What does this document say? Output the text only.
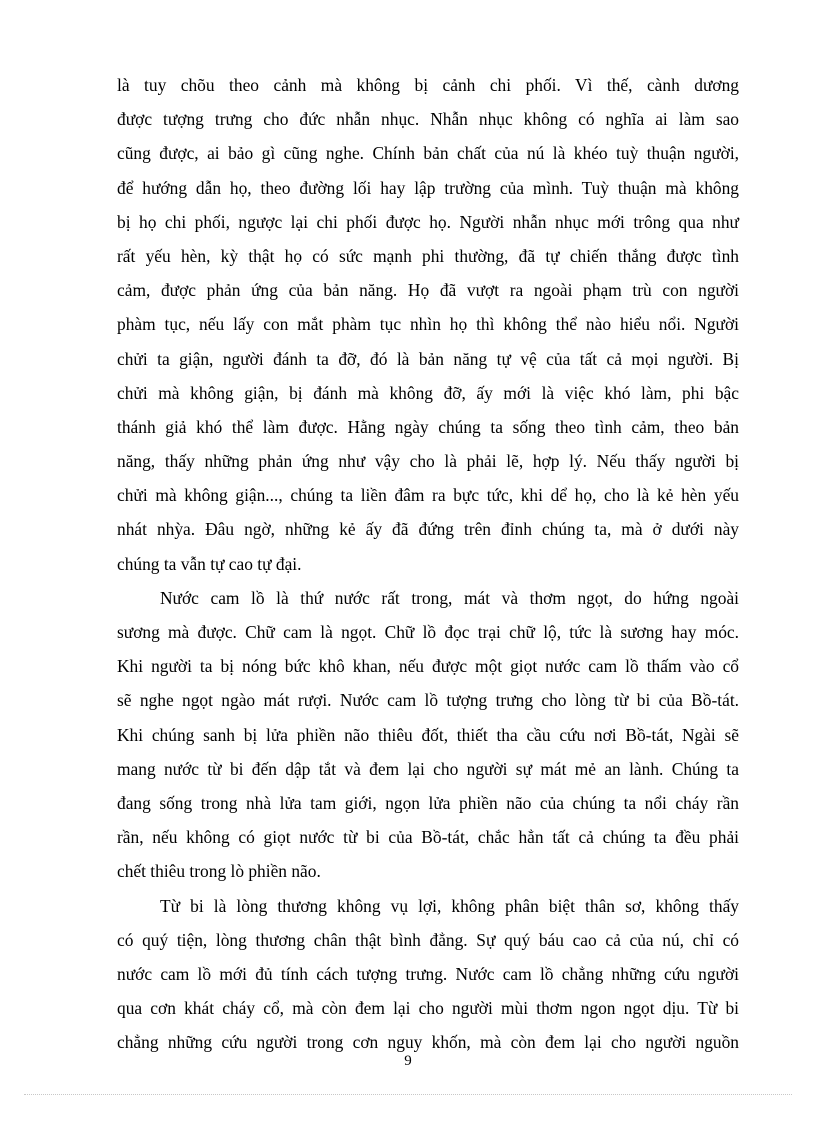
là tuy chõu theo cảnh mà không bị cảnh chi phối. Vì thế, cành dương
được tượng trưng cho đức nhẫn nhục. Nhẫn nhục không có nghĩa ai làm sao
cũng được, ai bảo gì cũng nghe. Chính bản chất của nú là khéo tuỳ thuận người,
để hướng dẫn họ, theo đường lối hay lập trường của mình. Tuỳ thuận mà không
bị họ chi phối, ngược lại chi phối được họ. Người nhẫn nhục mới trông qua như
rất yếu hèn, kỳ thật họ có sức mạnh phi thường, đã tự chiến thắng được tình
cảm, được phản ứng của bản năng. Họ đã vượt ra ngoài phạm trù con người
phàm tục, nếu lấy con mắt phàm tục nhìn họ thì không thể nào hiểu nổi. Người
chửi ta giận, người đánh ta đỡ, đó là bản năng tự vệ của tất cả mọi người. Bị
chửi mà không giận, bị đánh mà không đỡ, ấy mới là việc khó làm, phi bậc
thánh giả khó thể làm được. Hằng ngày chúng ta sống theo tình cảm, theo bản
năng, thấy những phản ứng như vậy cho là phải lẽ, hợp lý. Nếu thấy người bị
chửi mà không giận..., chúng ta liền đâm ra bực tức, khi dể họ, cho là kẻ hèn yếu
nhát nhỳa. Đâu ngờ, những kẻ ấy đã đứng trên đỉnh chúng ta, mà ở dưới này
chúng ta vẫn tự cao tự đại.
Nước cam lồ là thứ nước rất trong, mát và thơm ngọt, do hứng ngoài
sương mà được. Chữ cam là ngọt. Chữ lồ đọc trại chữ lộ, tức là sương hay móc.
Khi người ta bị nóng bức khô khan, nếu được một giọt nước cam lồ thấm vào cổ
sẽ nghe ngọt ngào mát rượi. Nước cam lồ tượng trưng cho lòng từ bi của Bồ-tát.
Khi chúng sanh bị lửa phiền não thiêu đốt, thiết tha cầu cứu nơi Bồ-tát, Ngài sẽ
mang nước từ bi đến dập tắt và đem lại cho người sự mát mẻ an lành. Chúng ta
đang sống trong nhà lửa tam giới, ngọn lửa phiền não của chúng ta nổi cháy rần
rần, nếu không có giọt nước từ bi của Bồ-tát, chắc hẳn tất cả chúng ta đều phải
chết thiêu trong lò phiền não.
Từ bi là lòng thương không vụ lợi, không phân biệt thân sơ, không thấy
có quý tiện, lòng thương chân thật bình đẳng. Sự quý báu cao cả của nú, chỉ có
nước cam lồ mới đủ tính cách tượng trưng. Nước cam lồ chẳng những cứu người
qua cơn khát cháy cổ, mà còn đem lại cho người mùi thơm ngon ngọt dịu. Từ bi
chẳng những cứu người trong cơn nguy khốn, mà còn đem lại cho người nguồn
9
